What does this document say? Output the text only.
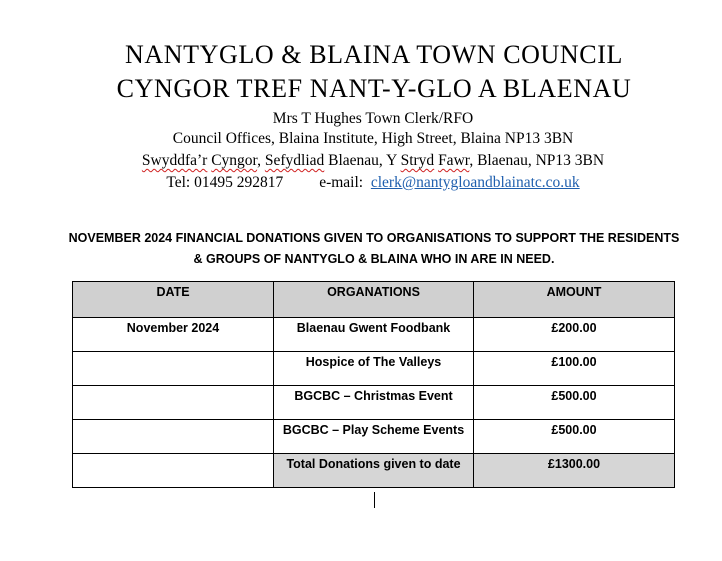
NANTYGLO & BLAINA TOWN COUNCIL
CYNGOR TREF NANT-Y-GLO A BLAENAU
Mrs T Hughes Town Clerk/RFO
Council Offices, Blaina Institute, High Street, Blaina NP13 3BN
Swyddfa’r Cyngor, Sefydliad Blaenau, Y Stryd Fawr, Blaenau, NP13 3BN
Tel: 01495 292817 e-mail: clerk@nantygloandblainatc.co.uk
NOVEMBER 2024 FINANCIAL DONATIONS GIVEN TO ORGANISATIONS TO SUPPORT THE RESIDENTS
& GROUPS OF NANTYGLO & BLAINA WHO IN ARE IN NEED.
DATE	ORGANATIONS	AMOUNT
November 2024	Blaenau Gwent Foodbank	£200.00
	Hospice of The Valleys	£100.00
	BGCBC – Christmas Event	£500.00
	BGCBC – Play Scheme Events	£500.00
	Total Donations given to date	£1300.00
